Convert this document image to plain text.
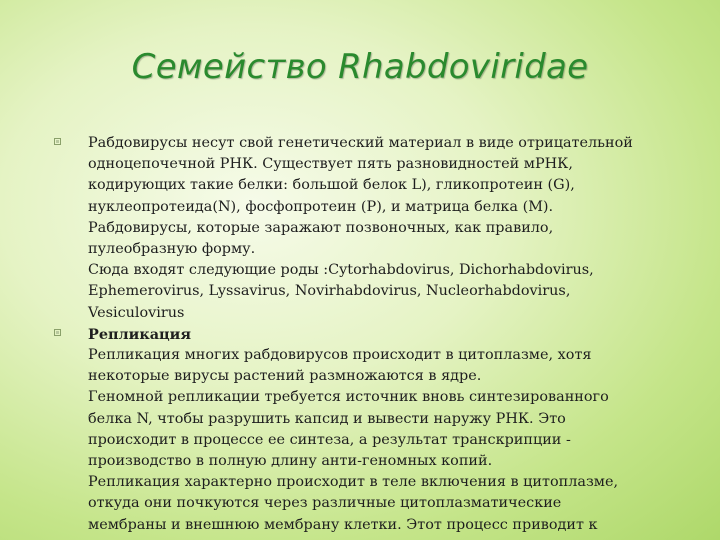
Семейство Rhabdoviridae
Рабдовирусы несут свой генетический материал в виде отрицательной
одноцепочечной РНК. Существует пять разновидностей мРНК,
кодирующих такие белки: большой белок L), гликопротеин (G),
нуклеопротеида(N), фосфопротеин (P), и матрица белка (M).
Рабдовирусы, которые заражают позвоночных, как правило,
пулеобразную форму.
Сюда входят следующие роды :Cytorhabdovirus, Dichorhabdovirus,
Ephemerovirus, Lyssavirus, Novirhabdovirus, Nucleorhabdovirus,
Vesiculovirus
Репликация
Репликация многих рабдовирусов происходит в цитоплазме, хотя
некоторые вирусы растений размножаются в ядре.
Геномной репликации требуется источник вновь синтезированного
белка N, чтобы разрушить капсид и вывести наружу РНК. Это
происходит в процессе ее синтеза, а результат транскрипции -
производство в полную длину анти-геномных копий.
Репликация характерно происходит в теле включения в цитоплазме,
откуда они почкуются через различные цитоплазматические
мембраны и внешнюю мембрану клетки. Этот процесс приводит к
